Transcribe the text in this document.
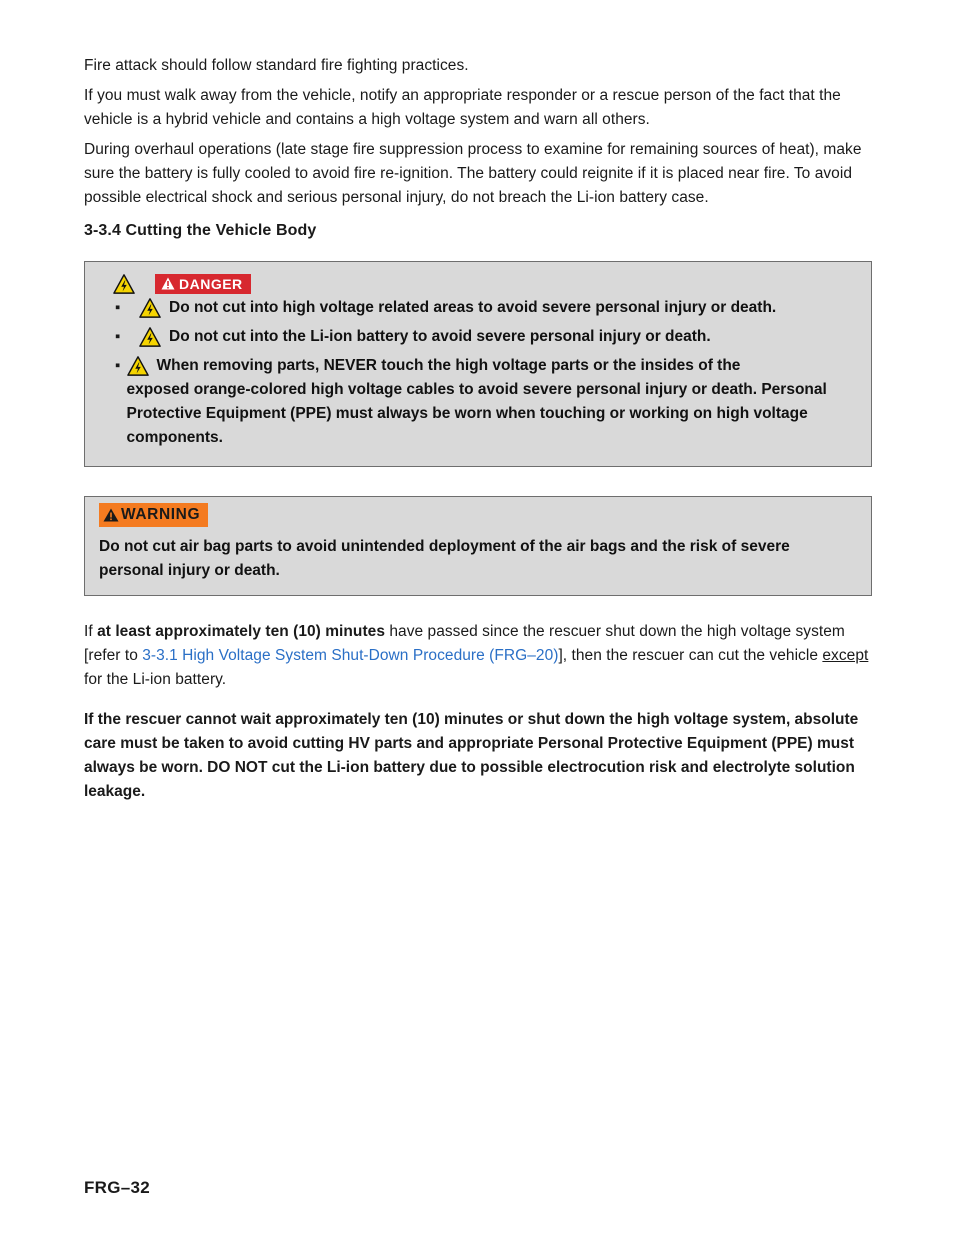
Fire attack should follow standard fire fighting practices.

If you must walk away from the vehicle, notify an appropriate responder or a rescue person of the fact that the vehicle is a hybrid vehicle and contains a high voltage system and warn all others.

During overhaul operations (late stage fire suppression process to examine for remaining sources of heat), make sure the battery is fully cooled to avoid fire re-ignition. The battery could reignite if it is placed near fire. To avoid possible electrical shock and serious personal injury, do not breach the Li-ion battery case.

3-3.4 Cutting the Vehicle Body
DANGER
▪	Do not cut into high voltage related areas to avoid severe personal injury or death.
▪	Do not cut into the Li-ion battery to avoid severe personal injury or death.
▪	When removing parts, NEVER touch the high voltage parts or the insides of the
exposed orange-colored high voltage cables to avoid severe personal injury or death. Personal Protective Equipment (PPE) must always be worn when touching or working on high voltage components.
WARNING
Do not cut air bag parts to avoid unintended deployment of the air bags and the risk of severe personal injury or death.

If at least approximately ten (10) minutes have passed since the rescuer shut down the high voltage system [refer to 3-3.1 High Voltage System Shut-Down Procedure (FRG–20)], then the rescuer can cut the vehicle except for the Li-ion battery.

If the rescuer cannot wait approximately ten (10) minutes or shut down the high voltage system, absolute care must be taken to avoid cutting HV parts and appropriate Personal Protective Equipment (PPE) must always be worn. DO NOT cut the Li-ion battery due to possible electrocution risk and electrolyte solution leakage.

FRG–32
